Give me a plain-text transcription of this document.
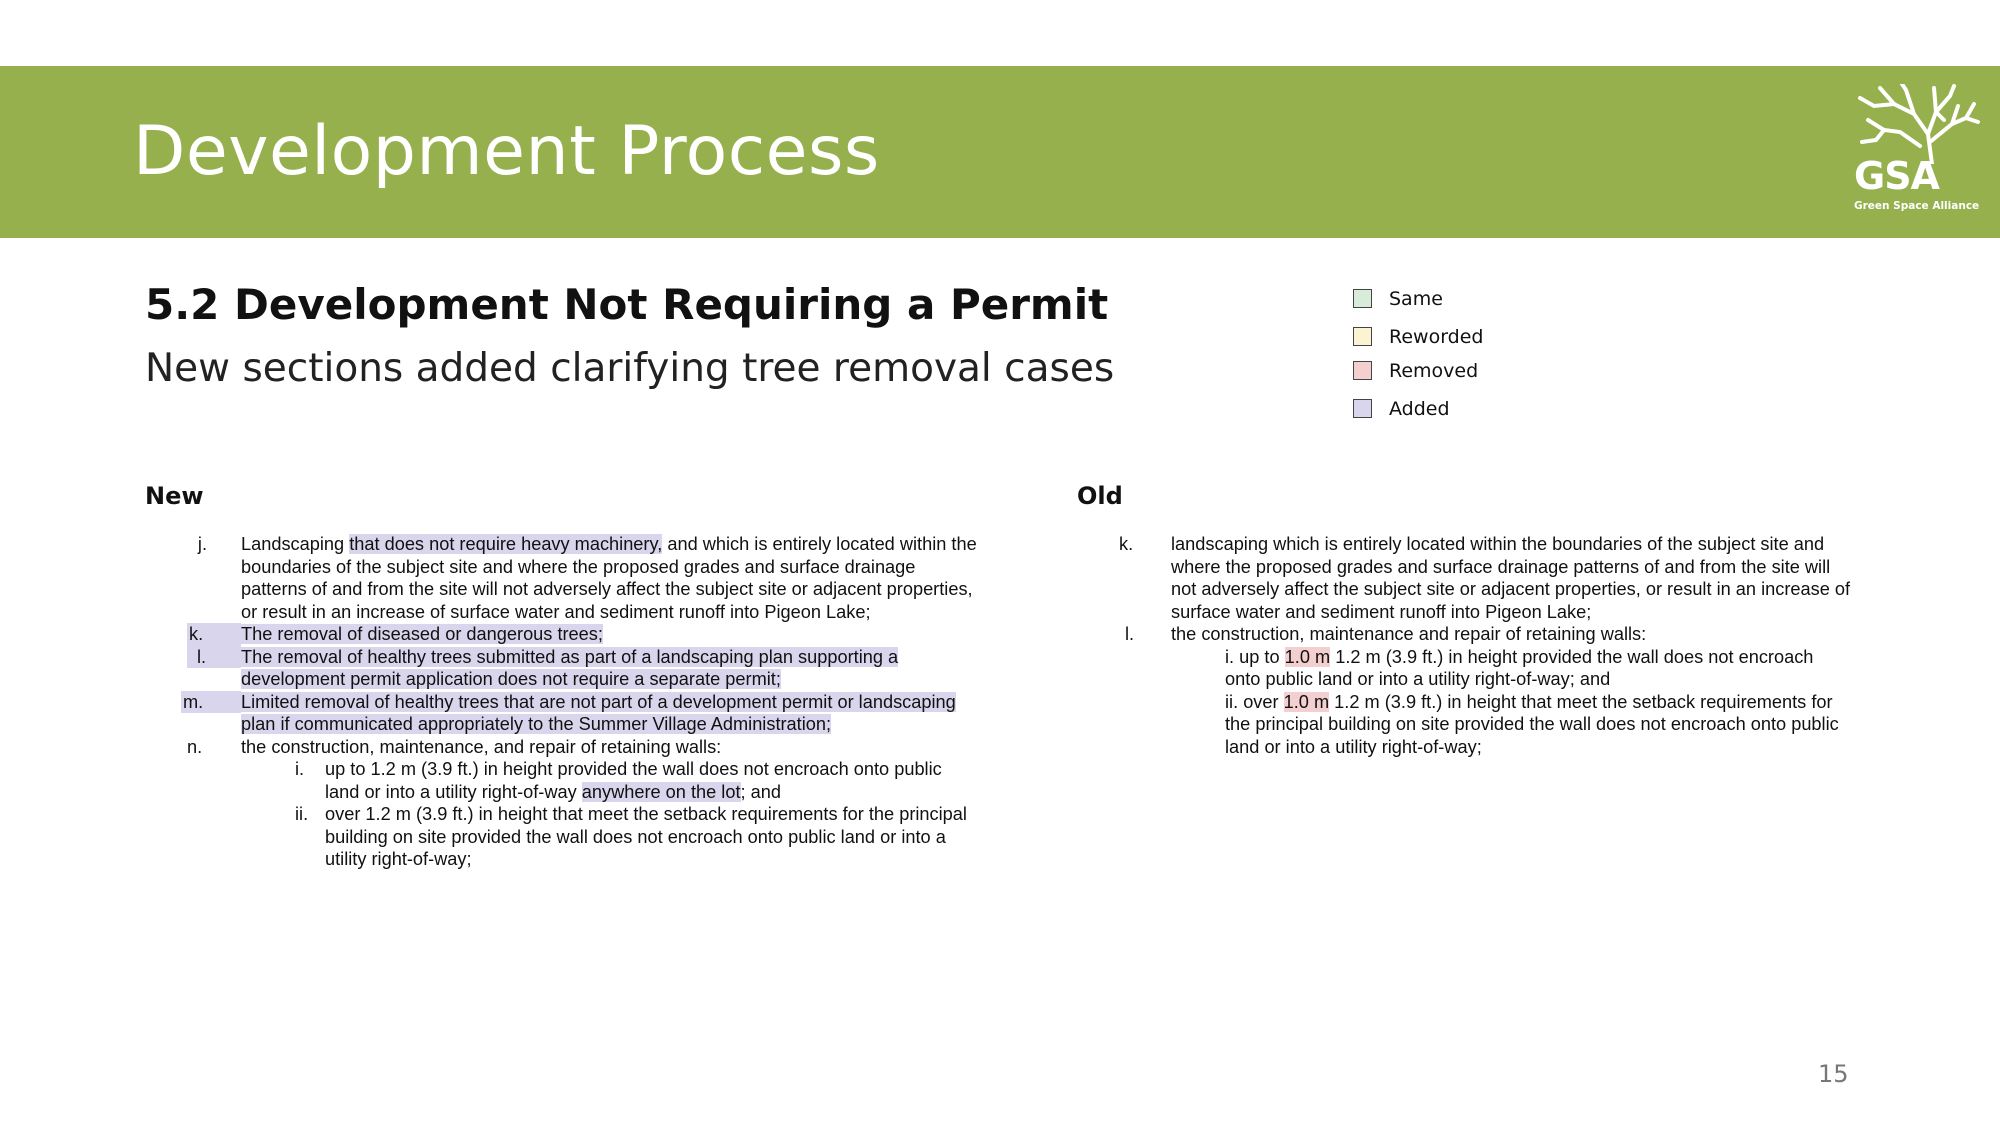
Development Process	GSA
Green Space Alliance
5.2 Development Not Requiring a Permit
New sections added clarifying tree removal cases
Same
Reworded
Removed
Added
New	Old
j. Landscaping that does not require heavy machinery, and which is entirely located within the boundaries of the subject site and where the proposed grades and surface drainage patterns of and from the site will not adversely affect the subject site or adjacent properties, or result in an increase of surface water and sediment runoff into Pigeon Lake;
k.	The removal of diseased or dangerous trees;
l.	The removal of healthy trees submitted as part of a landscaping plan supporting a development permit application does not require a separate permit;
m.	Limited removal of healthy trees that are not part of a development permit or landscaping plan if communicated appropriately to the Summer Village Administration;
n.	the construction, maintenance, and repair of retaining walls:
i.	up to 1.2 m (3.9 ft.) in height provided the wall does not encroach onto public land or into a utility right-of-way anywhere on the lot; and
ii. over 1.2 m (3.9 ft.) in height that meet the setback requirements for the principal building on site provided the wall does not encroach onto public land or into a utility right-of-way;
k.	landscaping which is entirely located within the boundaries of the subject site and where the proposed grades and surface drainage patterns of and from the site will not adversely affect the subject site or adjacent properties, or result in an increase of surface water and sediment runoff into Pigeon Lake;
l.	the construction, maintenance and repair of retaining walls:
i. up to 1.0 m 1.2 m (3.9 ft.) in height provided the wall does not encroach onto public land or into a utility right-of-way; and
ii. over 1.0 m 1.2 m (3.9 ft.) in height that meet the setback requirements for the principal building on site provided the wall does not encroach onto public land or into a utility right-of-way;
15
